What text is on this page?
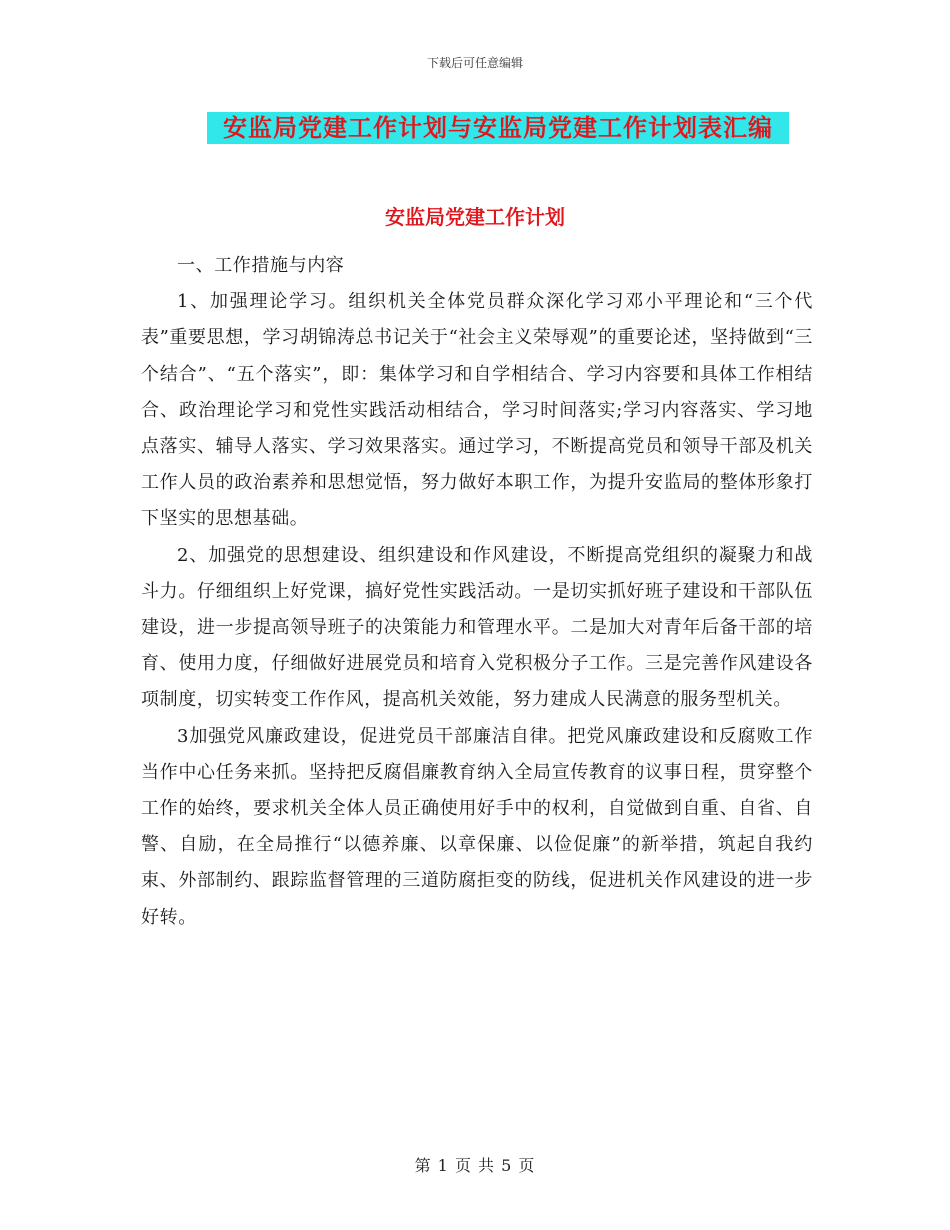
下载后可任意编辑
安监局党建工作计划与安监局党建工作计划表汇编
安监局党建工作计划

一、工作措施与内容

1、加强理论学习。组织机关全体党员群众深化学习邓小平理论和“三个代表”重要思想，学习胡锦涛总书记关于“社会主义荣辱观”的重要论述，坚持做到“三个结合”、“五个落实”，即：集体学习和自学相结合、学习内容要和具体工作相结合、政治理论学习和党性实践活动相结合，学习时间落实;学习内容落实、学习地点落实、辅导人落实、学习效果落实。通过学习，不断提高党员和领导干部及机关工作人员的政治素养和思想觉悟，努力做好本职工作，为提升安监局的整体形象打下坚实的思想基础。

2、加强党的思想建设、组织建设和作风建设，不断提高党组织的凝聚力和战斗力。仔细组织上好党课，搞好党性实践活动。一是切实抓好班子建设和干部队伍建设，进一步提高领导班子的决策能力和管理水平。二是加大对青年后备干部的培育、使用力度，仔细做好进展党员和培育入党积极分子工作。三是完善作风建设各项制度，切实转变工作作风，提高机关效能，努力建成人民满意的服务型机关。

3加强党风廉政建设，促进党员干部廉洁自律。把党风廉政建设和反腐败工作当作中心任务来抓。坚持把反腐倡廉教育纳入全局宣传教育的议事日程，贯穿整个工作的始终，要求机关全体人员正确使用好手中的权利，自觉做到自重、自省、自警、自励，在全局推行“以德养廉、以章保廉、以俭促廉”的新举措，筑起自我约束、外部制约、跟踪监督管理的三道防腐拒变的防线，促进机关作风建设的进一步好转。

第 1 页 共 5 页
